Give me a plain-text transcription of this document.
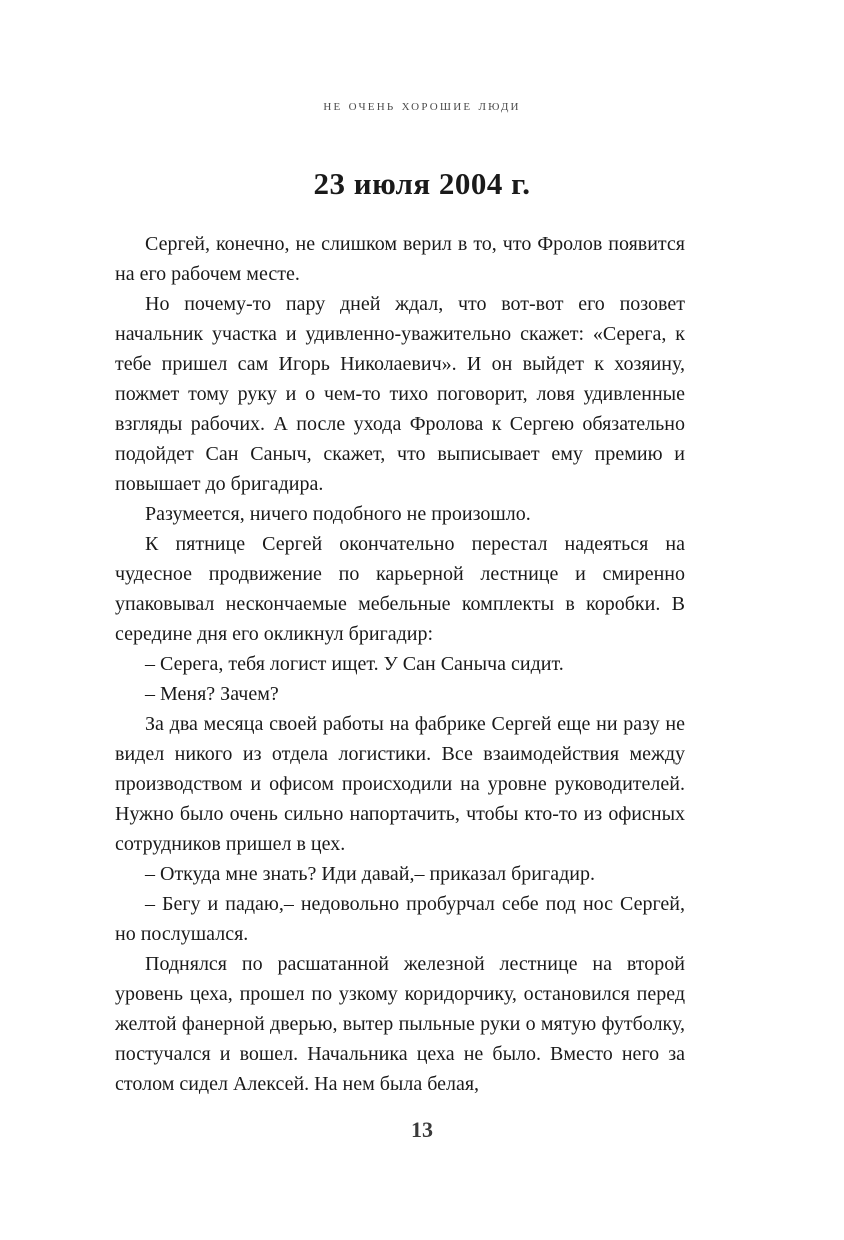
не очень хорошие люди
23 июля 2004 г.

Сергей, конечно, не слишком верил в то, что Фролов появится на его рабочем месте.

Но почему-то пару дней ждал, что вот-вот его позовет начальник участка и удивленно-уважительно скажет: «Серега, к тебе пришел сам Игорь Николаевич». И он выйдет к хозяину, пожмет тому руку и о чем-то тихо поговорит, ловя удивленные взгляды рабочих. А после ухода Фролова к Сергею обязательно подойдет Сан Саныч, скажет, что выписывает ему премию и повышает до бригадира.

Разумеется, ничего подобного не произошло.

К пятнице Сергей окончательно перестал надеяться на чудесное продвижение по карьерной лестнице и смиренно упаковывал нескончаемые мебельные комплекты в коробки. В середине дня его окликнул бригадир:

– Серега, тебя логист ищет. У Сан Саныча сидит.

– Меня? Зачем?

За два месяца своей работы на фабрике Сергей еще ни разу не видел никого из отдела логистики. Все взаимодействия между производством и офисом происходили на уровне руководителей. Нужно было очень сильно напортачить, чтобы кто-то из офисных сотрудников пришел в цех.

– Откуда мне знать? Иди давай,– приказал бригадир.

– Бегу и падаю,– недовольно пробурчал себе под нос Сергей, но послушался.

Поднялся по расшатанной железной лестнице на второй уровень цеха, прошел по узкому коридорчику, остановился перед желтой фанерной дверью, вытер пыльные руки о мятую футболку, постучался и вошел. Начальника цеха не было. Вместо него за столом сидел Алексей. На нем была белая,

13
